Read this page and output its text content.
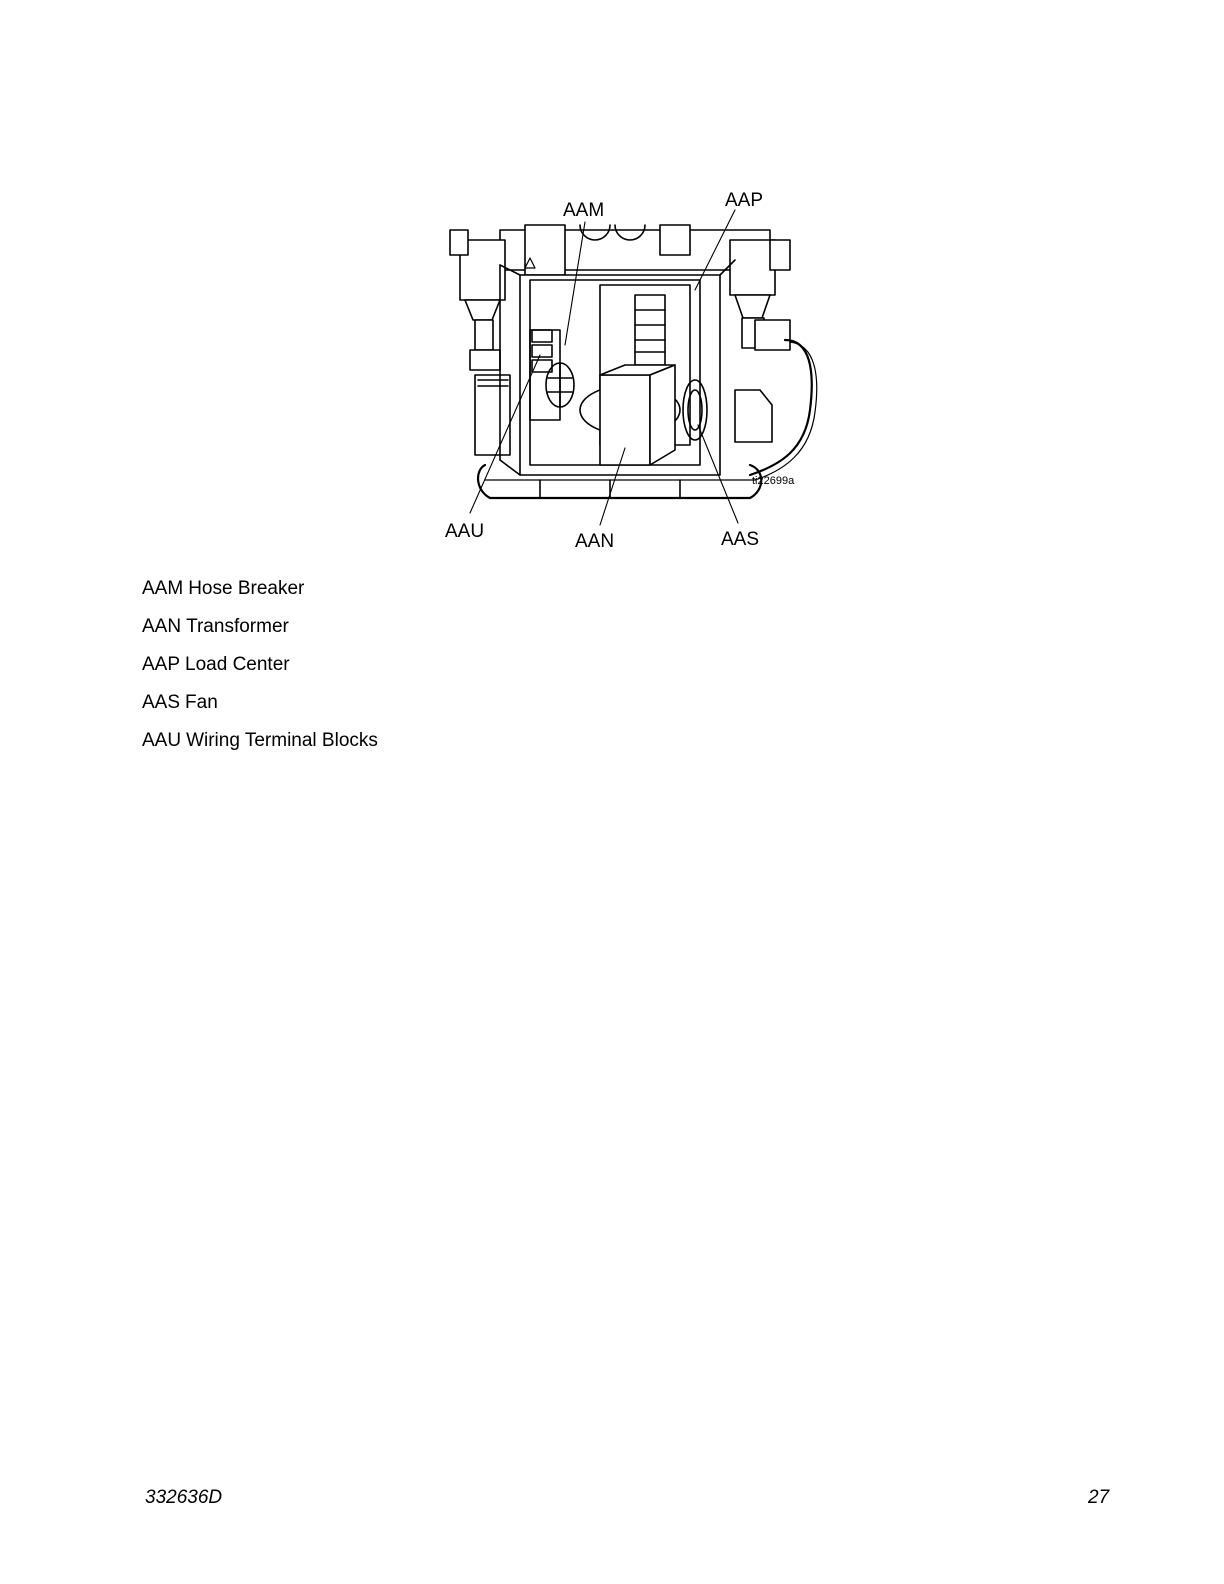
AAM	AAP
AAU	AAN	AAS
ti22699a
AAM Hose Breaker
AAN Transformer
AAP Load Center
AAS Fan
AAU Wiring Terminal Blocks
332636D	27
